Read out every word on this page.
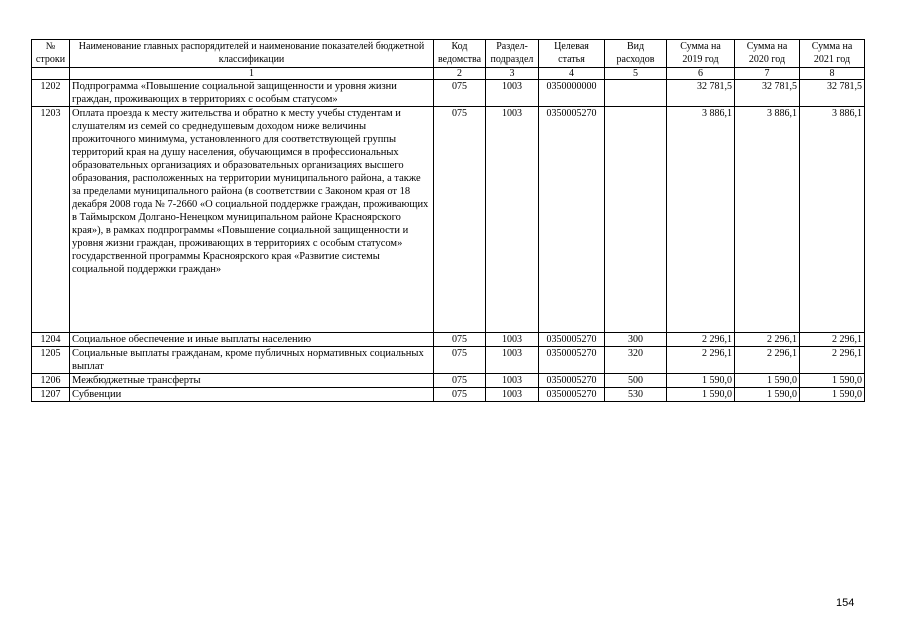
№ строки	Наименование главных распорядителей и наименование показателей бюджетной классификации	Код ведомства	Раздел-подраздел	Целевая статья	Вид расходов	Сумма на 2019 год	Сумма на 2020 год	Сумма на 2021 год
	1	2	3	4	5	6	7	8
1202	Подпрограмма «Повышение социальной защищенности и уровня жизни граждан, проживающих в территориях с особым статусом»	075	1003	0350000000		32 781,5	32 781,5	32 781,5
1203	Оплата проезда к месту жительства и обратно к месту учебы студентам и слушателям из семей со среднедушевым доходом ниже величины прожиточного минимума, установленного для соответствующей группы территорий края на душу населения, обучающимся в профессиональных образовательных организациях и образовательных организациях высшего образования, расположенных на территории муниципального района, а также за пределами муниципального района (в соответствии с Законом края от 18 декабря 2008 года № 7-2660 «О социальной поддержке граждан, проживающих в Таймырском Долгано-Ненецком муниципальном районе Красноярского края»), в рамках подпрограммы «Повышение социальной защищенности и уровня жизни граждан, проживающих в территориях с особым статусом» государственной программы Красноярского края «Развитие системы социальной поддержки граждан»	075	1003	0350005270		3 886,1	3 886,1	3 886,1
1204	Социальное обеспечение и иные выплаты населению	075	1003	0350005270	300	2 296,1	2 296,1	2 296,1
1205	Социальные выплаты гражданам, кроме публичных нормативных социальных выплат	075	1003	0350005270	320	2 296,1	2 296,1	2 296,1
1206	Межбюджетные трансферты	075	1003	0350005270	500	1 590,0	1 590,0	1 590,0
1207	Субвенции	075	1003	0350005270	530	1 590,0	1 590,0	1 590,0
154
